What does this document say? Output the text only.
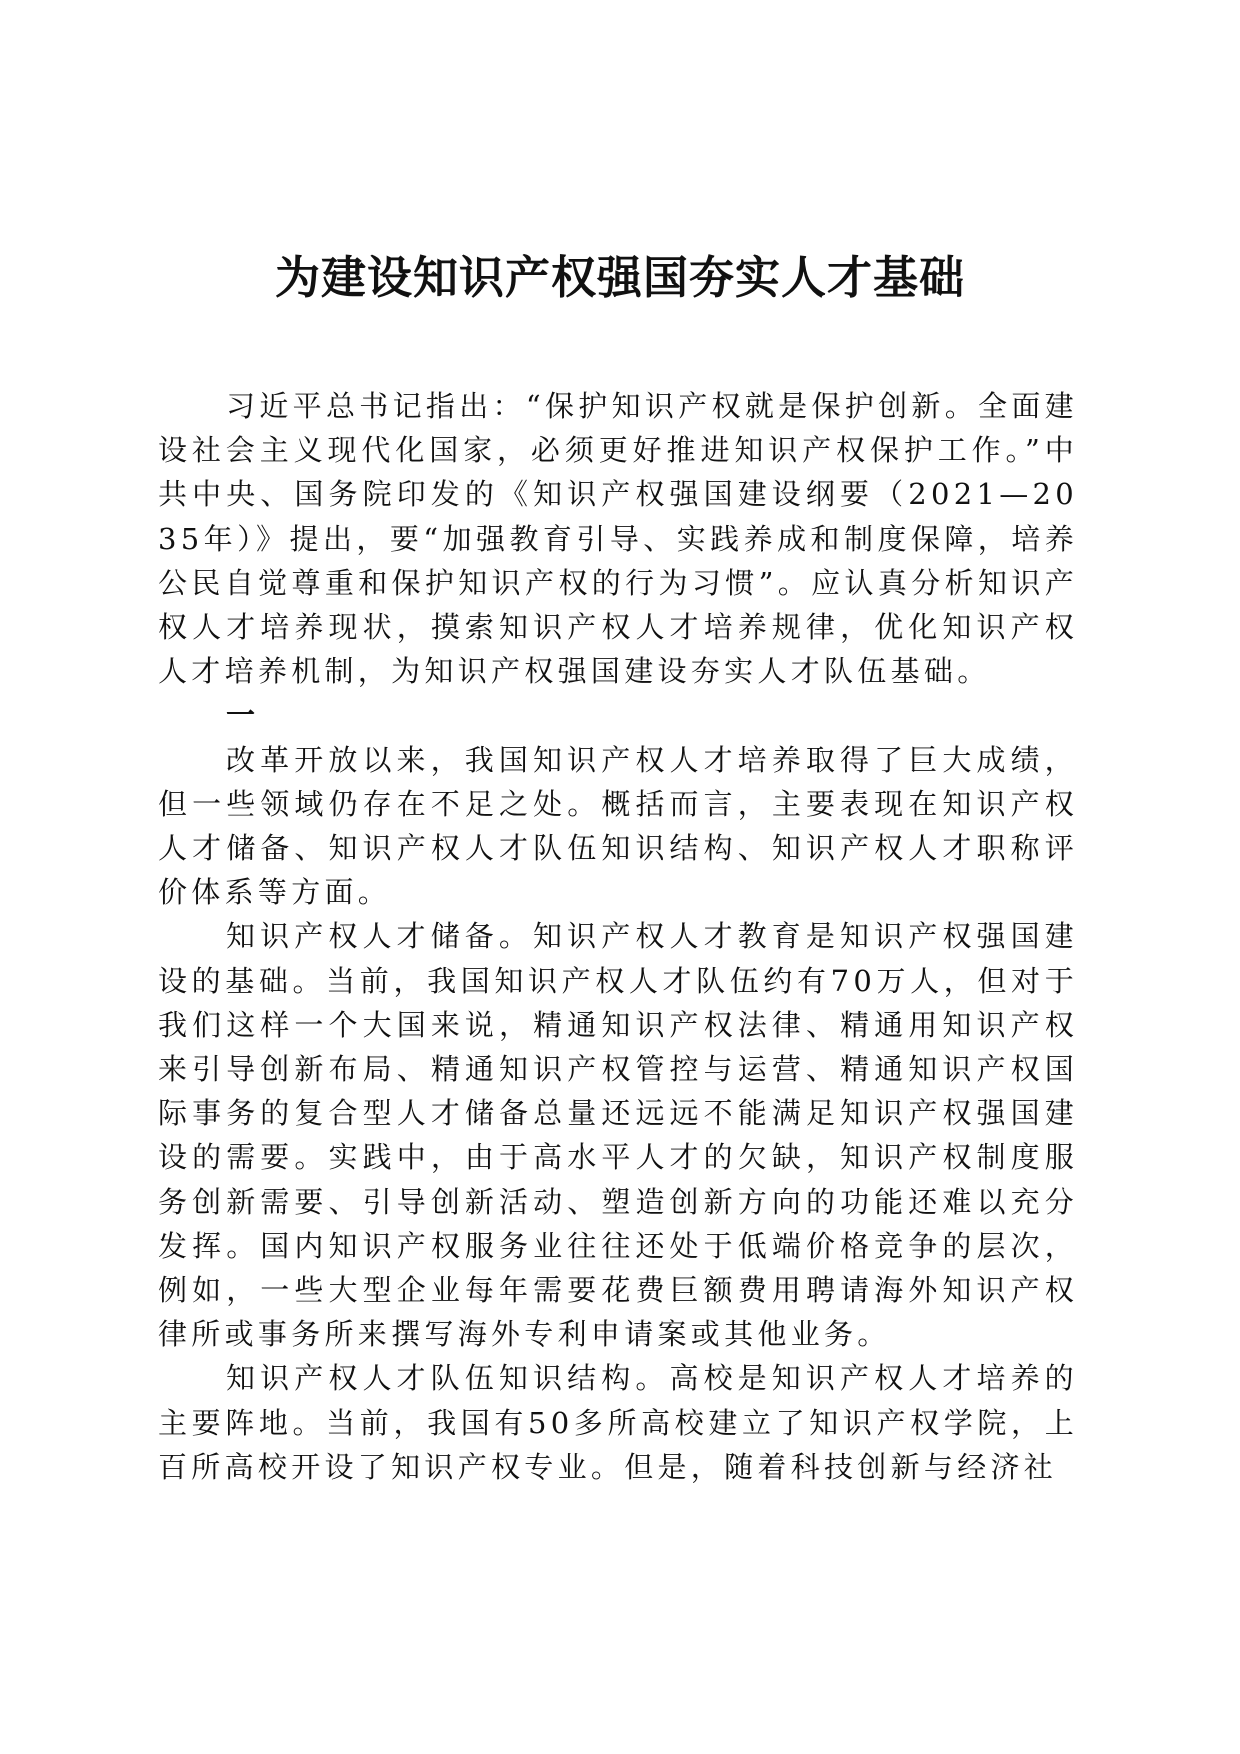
为建设知识产权强国夯实人才基础

习近平总书记指出：“保护知识产权就是保护创新。全面建设社会主义现代化国家，必须更好推进知识产权保护工作。”中共中央、国务院印发的《知识产权强国建设纲要（2021—2035年）》提出，要“加强教育引导、实践养成和制度保障，培养公民自觉尊重和保护知识产权的行为习惯”。应认真分析知识产权人才培养现状，摸索知识产权人才培养规律，优化知识产权人才培养机制，为知识产权强国建设夯实人才队伍基础。

一

改革开放以来，我国知识产权人才培养取得了巨大成绩，但一些领域仍存在不足之处。概括而言，主要表现在知识产权人才储备、知识产权人才队伍知识结构、知识产权人才职称评价体系等方面。

知识产权人才储备。知识产权人才教育是知识产权强国建设的基础。当前，我国知识产权人才队伍约有70万人，但对于我们这样一个大国来说，精通知识产权法律、精通用知识产权来引导创新布局、精通知识产权管控与运营、精通知识产权国际事务的复合型人才储备总量还远远不能满足知识产权强国建设的需要。实践中，由于高水平人才的欠缺，知识产权制度服务创新需要、引导创新活动、塑造创新方向的功能还难以充分发挥。国内知识产权服务业往往还处于低端价格竞争的层次，例如，一些大型企业每年需要花费巨额费用聘请海外知识产权律所或事务所来撰写海外专利申请案或其他业务。

知识产权人才队伍知识结构。高校是知识产权人才培养的主要阵地。当前，我国有50多所高校建立了知识产权学院，上百所高校开设了知识产权专业。但是，随着科技创新与经济社
